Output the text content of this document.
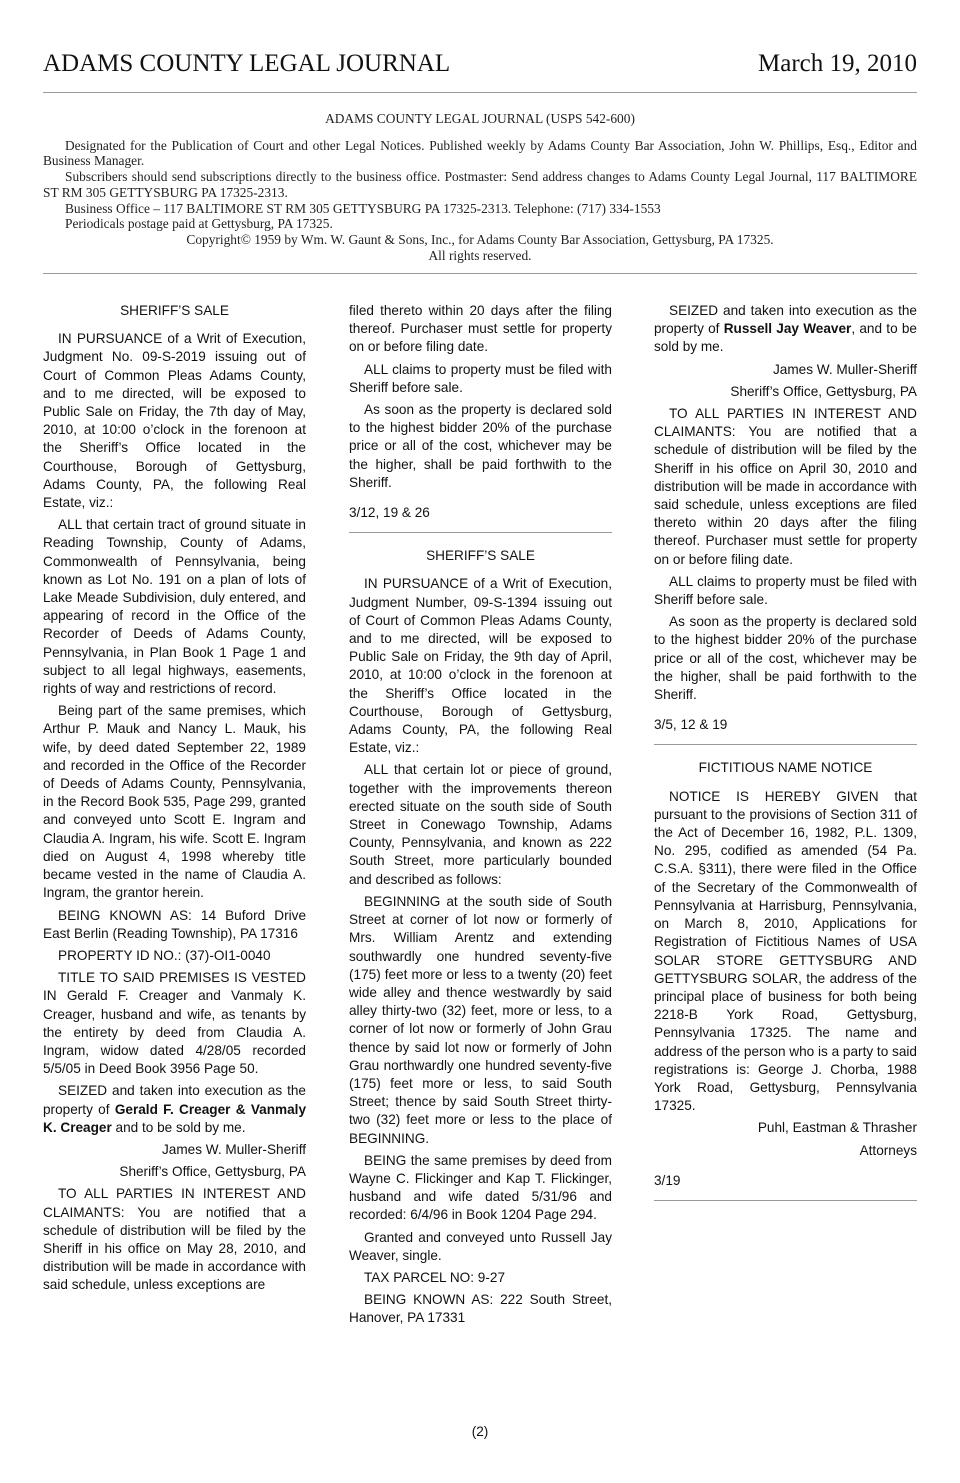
ADAMS COUNTY LEGAL JOURNAL	March 19, 2010
ADAMS COUNTY LEGAL JOURNAL (USPS 542-600)
Designated for the Publication of Court and other Legal Notices. Published weekly by Adams County Bar Association, John W. Phillips, Esq., Editor and Business Manager.
Subscribers should send subscriptions directly to the business office. Postmaster: Send address changes to Adams County Legal Journal, 117 BALTIMORE ST RM 305 GETTYSBURG PA 17325-2313.
Business Office – 117 BALTIMORE ST RM 305 GETTYSBURG PA 17325-2313. Telephone: (717) 334-1553
Periodicals postage paid at Gettysburg, PA 17325.
Copyright© 1959 by Wm. W. Gaunt & Sons, Inc., for Adams County Bar Association, Gettysburg, PA 17325.
All rights reserved.

SHERIFF’S SALE

IN PURSUANCE of a Writ of Execution, Judgment No. 09-S-2019 issuing out of Court of Common Pleas Adams County, and to me directed, will be exposed to Public Sale on Friday, the 7th day of May, 2010, at 10:00 o’clock in the forenoon at the Sheriff’s Office located in the Courthouse, Borough of Gettysburg, Adams County, PA, the following Real Estate, viz.:

ALL that certain tract of ground situate in Reading Township, County of Adams, Commonwealth of Pennsylvania, being known as Lot No. 191 on a plan of lots of Lake Meade Subdivision, duly entered, and appearing of record in the Office of the Recorder of Deeds of Adams County, Pennsylvania, in Plan Book 1 Page 1 and subject to all legal highways, easements, rights of way and restrictions of record.

Being part of the same premises, which Arthur P. Mauk and Nancy L. Mauk, his wife, by deed dated September 22, 1989 and recorded in the Office of the Recorder of Deeds of Adams County, Pennsylvania, in the Record Book 535, Page 299, granted and conveyed unto Scott E. Ingram and Claudia A. Ingram, his wife. Scott E. Ingram died on August 4, 1998 whereby title became vested in the name of Claudia A. Ingram, the grantor herein.

BEING KNOWN AS: 14 Buford Drive East Berlin (Reading Township), PA 17316

PROPERTY ID NO.: (37)-OI1-0040

TITLE TO SAID PREMISES IS VESTED IN Gerald F. Creager and Vanmaly K. Creager, husband and wife, as tenants by the entirety by deed from Claudia A. Ingram, widow dated 4/28/05 recorded 5/5/05 in Deed Book 3956 Page 50.

SEIZED and taken into execution as the property of Gerald F. Creager & Vanmaly K. Creager and to be sold by me.

James W. Muller-Sheriff
Sheriff’s Office, Gettysburg, PA

TO ALL PARTIES IN INTEREST AND CLAIMANTS: You are notified that a schedule of distribution will be filed by the Sheriff in his office on May 28, 2010, and distribution will be made in accordance with said schedule, unless exceptions are

filed thereto within 20 days after the filing thereof. Purchaser must settle for property on or before filing date.

ALL claims to property must be filed with Sheriff before sale.

As soon as the property is declared sold to the highest bidder 20% of the purchase price or all of the cost, whichever may be the higher, shall be paid forthwith to the Sheriff.

3/12, 19 & 26

SHERIFF’S SALE

IN PURSUANCE of a Writ of Execution, Judgment Number, 09-S-1394 issuing out of Court of Common Pleas Adams County, and to me directed, will be exposed to Public Sale on Friday, the 9th day of April, 2010, at 10:00 o’clock in the forenoon at the Sheriff’s Office located in the Courthouse, Borough of Gettysburg, Adams County, PA, the following Real Estate, viz.:

ALL that certain lot or piece of ground, together with the improvements thereon erected situate on the south side of South Street in Conewago Township, Adams County, Pennsylvania, and known as 222 South Street, more particularly bounded and described as follows:

BEGINNING at the south side of South Street at corner of lot now or formerly of Mrs. William Arentz and extending southwardly one hundred seventy-five (175) feet more or less to a twenty (20) feet wide alley and thence westwardly by said alley thirty-two (32) feet, more or less, to a corner of lot now or formerly of John Grau thence by said lot now or formerly of John Grau northwardly one hundred seventy-five (175) feet more or less, to said South Street; thence by said South Street thirty-two (32) feet more or less to the place of BEGINNING.

BEING the same premises by deed from Wayne C. Flickinger and Kap T. Flickinger, husband and wife dated 5/31/96 and recorded: 6/4/96 in Book 1204 Page 294.

Granted and conveyed unto Russell Jay Weaver, single.

TAX PARCEL NO: 9-27

BEING KNOWN AS: 222 South Street, Hanover, PA 17331

SEIZED and taken into execution as the property of Russell Jay Weaver, and to be sold by me.

James W. Muller-Sheriff
Sheriff’s Office, Gettysburg, PA

TO ALL PARTIES IN INTEREST AND CLAIMANTS: You are notified that a schedule of distribution will be filed by the Sheriff in his office on April 30, 2010 and distribution will be made in accordance with said schedule, unless exceptions are filed thereto within 20 days after the filing thereof. Purchaser must settle for property on or before filing date.

ALL claims to property must be filed with Sheriff before sale.

As soon as the property is declared sold to the highest bidder 20% of the purchase price or all of the cost, whichever may be the higher, shall be paid forthwith to the Sheriff.

3/5, 12 & 19

FICTITIOUS NAME NOTICE

NOTICE IS HEREBY GIVEN that pursuant to the provisions of Section 311 of the Act of December 16, 1982, P.L. 1309, No. 295, codified as amended (54 Pa. C.S.A. §311), there were filed in the Office of the Secretary of the Commonwealth of Pennsylvania at Harrisburg, Pennsylvania, on March 8, 2010, Applications for Registration of Fictitious Names of USA SOLAR STORE GETTYSBURG AND GETTYSBURG SOLAR, the address of the principal place of business for both being 2218-B York Road, Gettysburg, Pennsylvania 17325. The name and address of the person who is a party to said registrations is: George J. Chorba, 1988 York Road, Gettysburg, Pennsylvania 17325.

Puhl, Eastman & Thrasher
Attorneys

3/19

(2)
